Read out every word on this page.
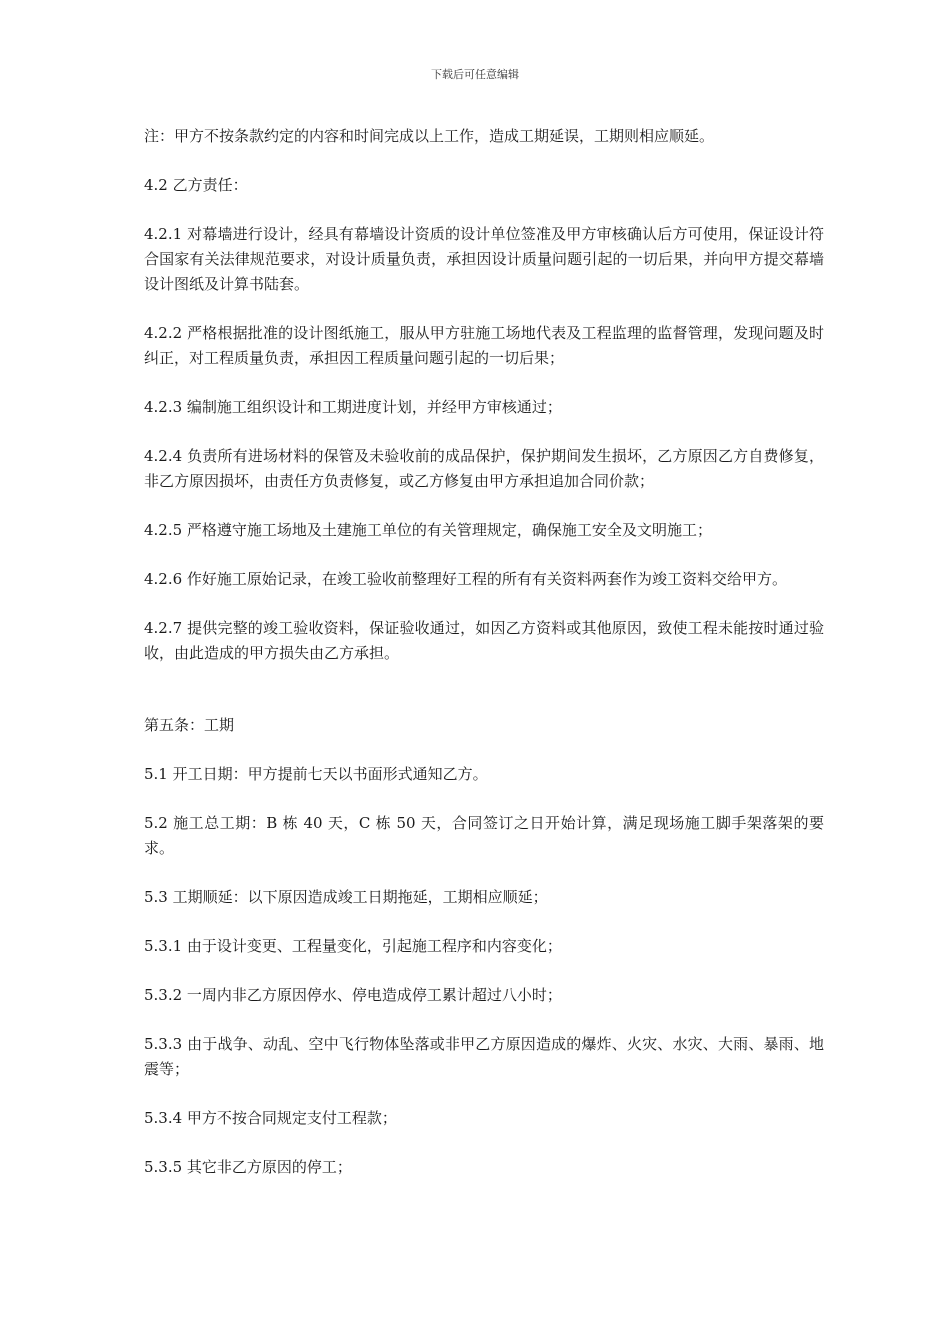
下载后可任意编辑

注：甲方不按条款约定的内容和时间完成以上工作，造成工期延误，工期则相应顺延。

4.2 乙方责任：

4.2.1 对幕墙进行设计，经具有幕墙设计资质的设计单位签准及甲方审核确认后方可使用，保证设计符合国家有关法律规范要求，对设计质量负责，承担因设计质量问题引起的一切后果，并向甲方提交幕墙设计图纸及计算书陆套。

4.2.2 严格根据批准的设计图纸施工，服从甲方驻施工场地代表及工程监理的监督管理，发现问题及时纠正，对工程质量负责，承担因工程质量问题引起的一切后果；

4.2.3 编制施工组织设计和工期进度计划，并经甲方审核通过；

4.2.4 负责所有进场材料的保管及未验收前的成品保护，保护期间发生损坏，乙方原因乙方自费修复，非乙方原因损坏，由责任方负责修复，或乙方修复由甲方承担追加合同价款；

4.2.5 严格遵守施工场地及土建施工单位的有关管理规定，确保施工安全及文明施工；

4.2.6 作好施工原始记录，在竣工验收前整理好工程的所有有关资料两套作为竣工资料交给甲方。

4.2.7 提供完整的竣工验收资料，保证验收通过，如因乙方资料或其他原因，致使工程未能按时通过验收，由此造成的甲方损失由乙方承担。

第五条：工期

5.1 开工日期：甲方提前七天以书面形式通知乙方。

5.2 施工总工期：B 栋 40 天，C 栋 50 天，合同签订之日开始计算，满足现场施工脚手架落架的要求。

5.3 工期顺延：以下原因造成竣工日期拖延，工期相应顺延；

5.3.1 由于设计变更、工程量变化，引起施工程序和内容变化；

5.3.2 一周内非乙方原因停水、停电造成停工累计超过八小时；

5.3.3 由于战争、动乱、空中飞行物体坠落或非甲乙方原因造成的爆炸、火灾、水灾、大雨、暴雨、地震等；

5.3.4 甲方不按合同规定支付工程款；

5.3.5 其它非乙方原因的停工；
